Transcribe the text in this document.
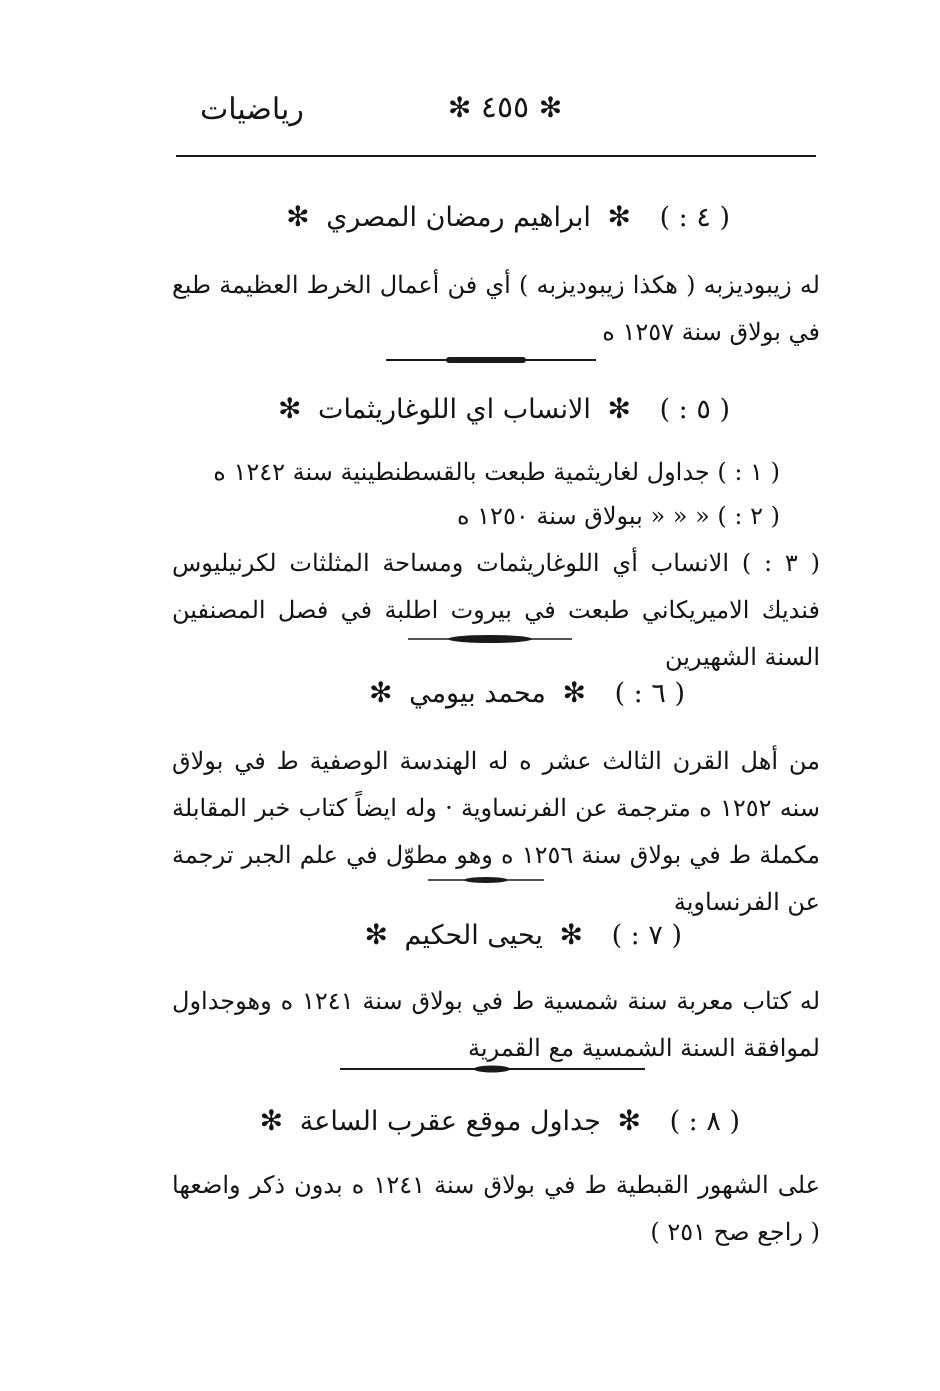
رياضيات	✻ ٤٥٥ ✻
( ٤ : ) ✻ ابراهيم رمضان المصري ✻
له زيبوديزبه ( هكذا زيبوديزبه ) أي فن أعمال الخرط العظيمة طبع في بولاق سنة ١٢٥٧ ه
( ٥ : ) ✻ الانساب اي اللوغاريثمات ✻
( ١ : ) جداول لغاريثمية طبعت بالقسطنطينية سنة ١٢٤٢ ه
( ٢ : ) « « « ببولاق سنة ١٢٥٠ ه
( ٣ : ) الانساب أي اللوغاريثمات ومساحة المثلثات لكرنيليوس فنديك الاميريكاني طبعت في بيروت اطلبة في فصل المصنفين السنة الشهيرين
( ٦ : ) ✻ محمد بيومي ✻
من أهل القرن الثالث عشر ه له الهندسة الوصفية ط في بولاق سنه ١٢٥٢ ه مترجمة عن الفرنساوية · وله ايضاً كتاب خبر المقابلة مكملة ط في بولاق سنة ١٢٥٦ ه وهو مطوّل في علم الجبر ترجمة عن الفرنساوية
( ٧ : ) ✻ يحيى الحكيم ✻
له كتاب معربة سنة شمسية ط في بولاق سنة ١٢٤١ ه وهوجداول لموافقة السنة الشمسية مع القمرية
( ٨ : ) ✻ جداول موقع عقرب الساعة ✻
على الشهور القبطية ط في بولاق سنة ١٢٤١ ه بدون ذكر واضعها ( راجع صح ٢٥١ )
